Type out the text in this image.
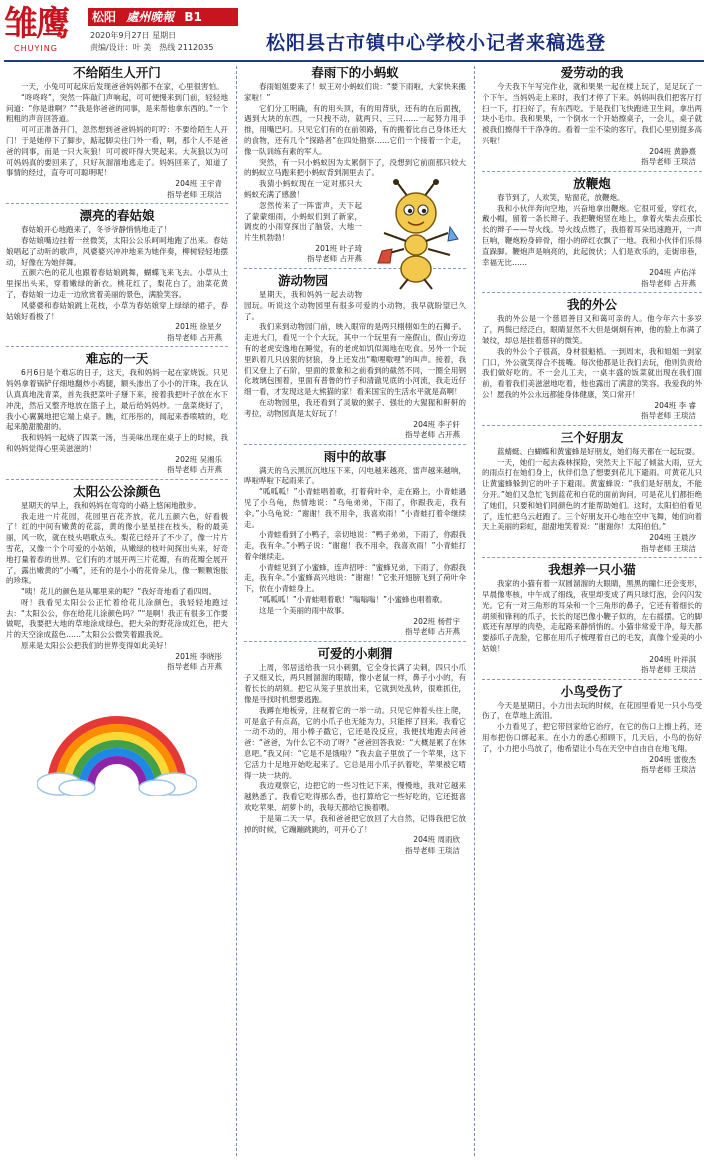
雏鹰
CHUYING
松阳 處州晚報 B1
2020年9月27日 星期日
责编/设计：叶 美　热线 2112035	松阳县古市镇中心学校小记者来稿选登
不给陌生人开门

一天，小兔可可起床后发现爸爸妈妈都不在家，心里很害怕。

“咚咚咚”，突然一阵敲门声响起，可可便慢来到门前，轻轻地问道：“你是谁啊？”“我是你爸爸的同事，是来帮他拿东西的。”一个粗粗的声音回答道。

可可正准备开门，忽然想到爸爸妈妈的叮咛：不要给陌生人开门！于是她停下了脚步，踮起脚尖往门外一看，啊，那个人不是爸爸的同事，而是一只大灰狼！可可被吓得大哭起来。大灰狼以为可可妈妈真的要回来了，只好灰溜溜地逃走了。妈妈回来了，知道了事情的经过，直夸可可聪明呢！

204班 王宇青
指导老师 王琰洁
漂亮的春姑娘

春姑娘开心地跑来了，冬爷爷静悄悄地走了！

春姑娘嘴边挂着一丝微笑，太阳公公乐呵呵地跑了出来。春姑娘唱起了动听的歌声，风婆婆兴冲冲地来为她伴奏，柳树轻轻地摆动，好像在为她伴舞。

五颜六色的花儿也跟着春姑娘跳舞，蝴蝶飞来飞去。小草从土里探出头来，穿着嫩绿的新衣。桃花红了，梨花白了，油菜花黄了，春姑娘一边走一边欣赏着美丽的景色，满脸笑容。

风婆婆和春姑娘跳上花枝，小草为春姑娘穿上绿绿的裙子，春姑娘好看极了！

201班 徐星夕
指导老师 占开燕
难忘的一天

6月6日是个难忘的日子，这天，我和妈妈一起在家烧饭。只见妈妈拿着锅铲仔细地翻炒小鸡腿，额头渗出了小小的汗珠。我在认认真真地洗青菜，首先我把菜叶子掰下来，接着我把叶子放在水下冲洗，然后又整齐地放在篮子上，最后给妈妈炒。一盘菜烧好了，我小心翼翼地把它端上桌子。瞧，红彤彤的，闻起来香喷喷的，吃起来脆甜脆甜的。

我和妈妈一起烧了四菜一汤，当美味出现在桌子上的时候，我和妈妈觉得心里美滋滋的！

202班 吴湘乐
指导老师 占开燕
太阳公公涂颜色

星期天的早上，我和妈妈在弯弯的小路上悠闲地散步。

我走进一片花园，花园里百花齐放，花儿五颜六色，好看极了！红的中间有嫩黄的花蕊，黄的像小星星挂在枝头，粉的最美丽，风一吹，就在枝头唱歌点头。梨花已经开了不少了，像一片片雪花，又像一个个可爱的小姑娘，从嫩绿的枝叶间探出头来，好奇地打量着春的世界。它们有的才展开两三片花瓣，有的花瓣全展开了，露出嫩黄的“小嘴”，还有的是小小的花骨朵儿，像一颗颗饱胀的珍珠。

“咦！花儿的颜色是从哪里来的呢？”我好奇地看了看四周。

呀！我看见太阳公公正忙着给花儿涂颜色，我轻轻地跑过去：“太阳公公，你在给花儿涂颜色吗？”“是啊！我正有很多工作要做呢，我要把大地的草地涂成绿色，把大朵的野花涂成红色，把大片的天空涂成蓝色……”太阳公公微笑着跟我说。

原来是太阳公公把我们的世界变得如此美好！

201班 李晓彤
指导老师 占开燕
春雨下的小蚂蚁

春雨姐姐要来了！蚁王对小蚂蚁们说：“要下雨啦，大家快来搬家啦！”

它们分工明确，有的用头顶，有的用背驮，还有的在后面拽，遇到大块的东西，一只拽不动，就两只、三只……一起努力用手推，用嘴巴叼。只见它们有的在前领路，有的搬着比自己身体还大的食物，还有几个“探路者”在四处勘察……它们一个接着一个走，像一队训练有素的军人。

突然，有一只小蚂蚁因为太累倒下了，没想到它前面那只较大的蚂蚁立马跑来把小蚂蚁背到洞里去了。

我猜小蚂蚁现在一定对那只大蚂蚁充满了感激！

忽然传来了一阵雷声，天下起了蒙蒙细雨，小蚂蚁们到了新家，调皮的小雨穿探出了脑袋，大地一片生机勃勃！

201班 叶子琦
指导老师 占开燕
游动物园

星期天，我和妈妈一起去动物园玩。听说这个动物园里有很多可爱的小动物，我早就盼望已久了。

我们来到动物园门前，映入眼帘的是两只栩栩如生的石狮子。走进大门，看见一个个大玩，其中一个玩里有一座假山，假山旁边有的老虎安逸地在睡觉，有的老虎如饥似渴地在吃食。另外一个玩里趴着几只凶狠的豺狼，身上还发出“嗷哩嗷哩”的叫声。接着，我们又登上了石阶，里面的景象和之前看到的截然不同，一圈全用钢化玻璃包围着，里面有普鲁的竹子和清澈见底的小河流，我走近仔细一看，才发现这是大熊猫的家！看来国宝的生活水平就是高啊！

在动物园里，我还看到了灵敏的猴子、强壮的大猩猩和鼾鼾的考拉，动物园真是太好玩了！

204班 李子轩
指导老师 占开燕
雨中的故事

满天的乌云黑沉沉地压下来，闪电越来越亮，雷声越来越响，哗啦哗啦下起雨来了。

“呱呱呱！”小青蛙唱着歌，打着荷叶伞，走在路上，小青蛙遇见了小乌龟，热情地说：“乌龟弟弟，下雨了，你跟我走，我有伞。”小乌龟说：“谢谢！我不用伞，我喜欢雨！”小青蛙打着伞继续走。

小青蛙看到了小鸭子，亲切地说：“鸭子弟弟，下雨了，你跟我走，我有伞。”小鸭子说：“谢谢！我不用伞，我喜欢雨！”小青蛙打着伞继续走。

小青蛙见到了小蜜蜂，连声招呼：“蜜蜂兄弟，下雨了，你跟我走，我有伞。”小蜜蜂高兴地说：“谢谢！”它张开翅膀飞到了荷叶伞下，依在小青蛙身上。

“呱呱呱！”小青蛙唱着歌！“嗡嗡嗡！”小蜜蜂也唱着歌。

这是一个美丽的雨中故事。

202班 杨哲宇
指导老师 占开燕
可爱的小刺猬

上周，邻居送给我一只小刺猬，它全身长满了尖刺，四只小爪子又细又长，两只圆溜溜的眼睛，像小老鼠一样，鼻子小小的，有着长长的胡须。把它从笼子里放出来，它就到处乱转，很难抓住，像是寻找时机想要逃跑。

我蹲在地板旁，注视着它的一举一动。只见它伸着头往上爬，可是盒子有点高，它的小爪子也无能为力，只能摔了回来。我看它一动不动的，用小棒子戳它，它还是没反应，我便找地跑去问爸爸：“爸爸，为什么它不动了呀？”爸爸回答我说：“大概是累了在休息吧。”我又问：“它是不是饿啦？”我去盒子里放了一个苹果，这下它活力十足地开始吃起来了。它总是用小爪子扒着吃，苹果被它啃得一块一块的。

我边观察它，边把它的一些习性记下来，慢慢地，我对它越来越熟悉了。我看它吃得那么香，也打算给它一些好吃的，它还挺喜欢吃苹果、胡萝卜的，我每天都给它换着喂。

于是第二天一早，我和爸爸把它放回了大自然，记得我把它放掉的时候，它蹦蹦跳跳的，可开心了！

204班 周雨欣
指导老师 王琰洁
爱劳动的我

今天我下午写完作业，就和果果一起在楼上玩了，足足玩了一个下午。当妈妈走上来时，我们才停了下来。妈妈叫我们把客厅打扫一下，打扫好了，有东西吃。于是我们飞快跑进卫生间，拿出两块小毛巾。我和果果，一个倒水一个开始擦桌子，一会儿，桌子就被我们擦得干干净净的。看着一尘不染的客厅，我们心里别提多高兴啦！

204班 黄静熹
指导老师 王琰洁
放鞭炮

春节到了，人欢笑，贴窗花，放鞭炮。

我和小伙伴奔向空地，兴奋地拿出鞭炮。它很可爱，穿红衣，戴小帽，留着一条长辫子。我把鞭炮竖在地上，拿着火柴去点那长长的辫子——导火线。导火线点燃了，我捂着耳朵迅速跑开，一声巨响，鞭炮粉身碎骨，细小的碎红衣飘了一地。我和小伙伴们乐得直跺脚。鞭炮声是响亮的，此起彼伏；人们是欢乐的，走街串巷，幸福无比……

204班 卢佑洋
指导老师 占开燕
我的外公

我的外公是一个慈眉善目又和蔼可亲的人。他今年六十多岁了，两鬓已经泛白，眼睛显然不大但是炯炯有神，他的脸上布满了皱纹，却总是挂着慈祥的微笑。

我的外公个子很高，身材很魁梧。一到周末，我和姐姐一到家门口，外公就笑得合不拢嘴。每次他都是让我们去玩，他则负责给我们做好吃的。不一会儿工夫，一桌丰盛的饭菜就出现在我们面前，看着我们美滋滋地吃着，他也露出了满意的笑容。我爱我的外公！愿我的外公永远都能身体健康，笑口常开！

204班 李 睿
指导老师 王琰洁
三个好朋友

蓝蜻蜓、白蝴蝶和黄蜜蜂是好朋友，她们每天都在一起玩耍。

一天，她们一起去森林探险，突然天上下起了倾盆大雨，豆大的雨点打在她们身上，伙伴们急了想要到花儿下避雨。可黄花儿只让黄蜜蜂躲到它的叶子下避雨。黄蜜蜂说：“我们是好朋友，不能分开。”她们又急忙飞到蓝花和白花的面前询问，可是花儿们都拒绝了她们，只要和她们同颜色的才能帮助她们。这时，太阳伯伯看见了，连忙把乌云赶跑了。三个好朋友开心地在空中飞舞，她们向着天上美丽的彩虹，甜甜地笑着说：“谢谢你！太阳伯伯。”

204班 王晨汐
指导老师 王琰洁
我想养一只小猫

我家的小猫有着一双圆溜溜的大眼睛，黑黑的瞳仁还会变形，早晨像枣核，中午成了细线，夜里却变成了两只球灯泡，会闪闪发光。它有一对三角形的耳朵和一个三角形的鼻子，它还有着细长的胡须和锋利的爪子，长长的尾巴像小鞭子似的，左右摇摆。它的脚底还有厚厚的肉垫，走起路来静悄悄的。小猫非常爱干净，每天都要舔爪子洗脸，它都在用爪子梳理着自己的毛发，真像个爱美的小姑娘！

204班 叶祥淇
指导老师 王琰洁
小鸟受伤了

今天是星期日，小力出去玩的时候，在花园里看见一只小鸟受伤了，在草地上流泪。

小力看见了，把它带回家给它治疗，在它的伤口上擦上药，还用布把伤口绑起来。在小力的悉心照顾下，几天后，小鸟的伤好了，小力把小鸟放了，他希望让小鸟在天空中自由自在地飞翔。

204班 雷俊杰
指导老师 王琰洁
